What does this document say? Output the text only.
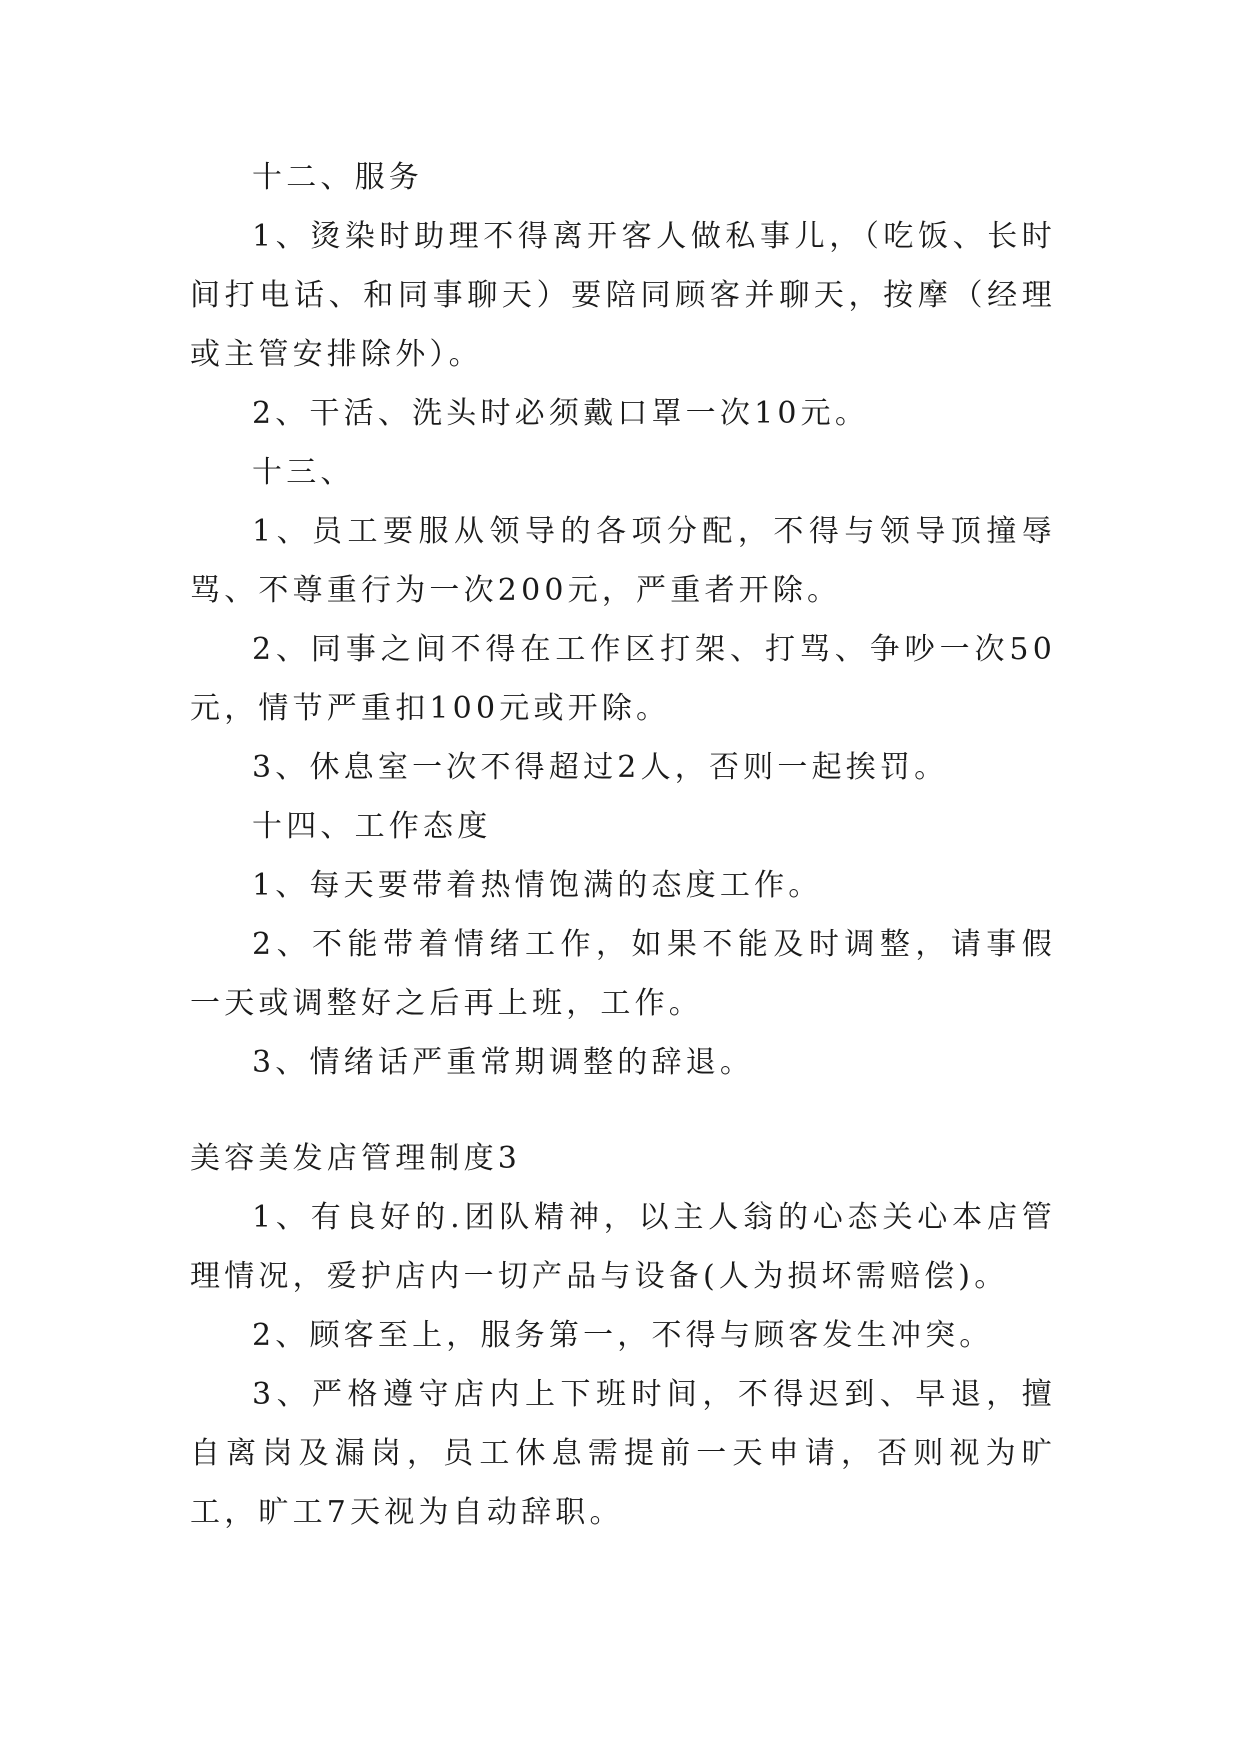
十二、服务

1、烫染时助理不得离开客人做私事儿，（吃饭、长时间打电话、和同事聊天）要陪同顾客并聊天，按摩（经理或主管安排除外）。

2、干活、洗头时必须戴口罩一次10元。

十三、

1、员工要服从领导的各项分配，不得与领导顶撞辱骂、不尊重行为一次200元，严重者开除。

2、同事之间不得在工作区打架、打骂、争吵一次50元，情节严重扣100元或开除。

3、休息室一次不得超过2人，否则一起挨罚。

十四、工作态度

1、每天要带着热情饱满的态度工作。

2、不能带着情绪工作，如果不能及时调整，请事假一天或调整好之后再上班，工作。

3、情绪话严重常期调整的辞退。

美容美发店管理制度3

1、有良好的.团队精神，以主人翁的心态关心本店管理情况，爱护店内一切产品与设备(人为损坏需赔偿)。

2、顾客至上，服务第一，不得与顾客发生冲突。

3、严格遵守店内上下班时间，不得迟到、早退，擅自离岗及漏岗，员工休息需提前一天申请，否则视为旷工，旷工7天视为自动辞职。
